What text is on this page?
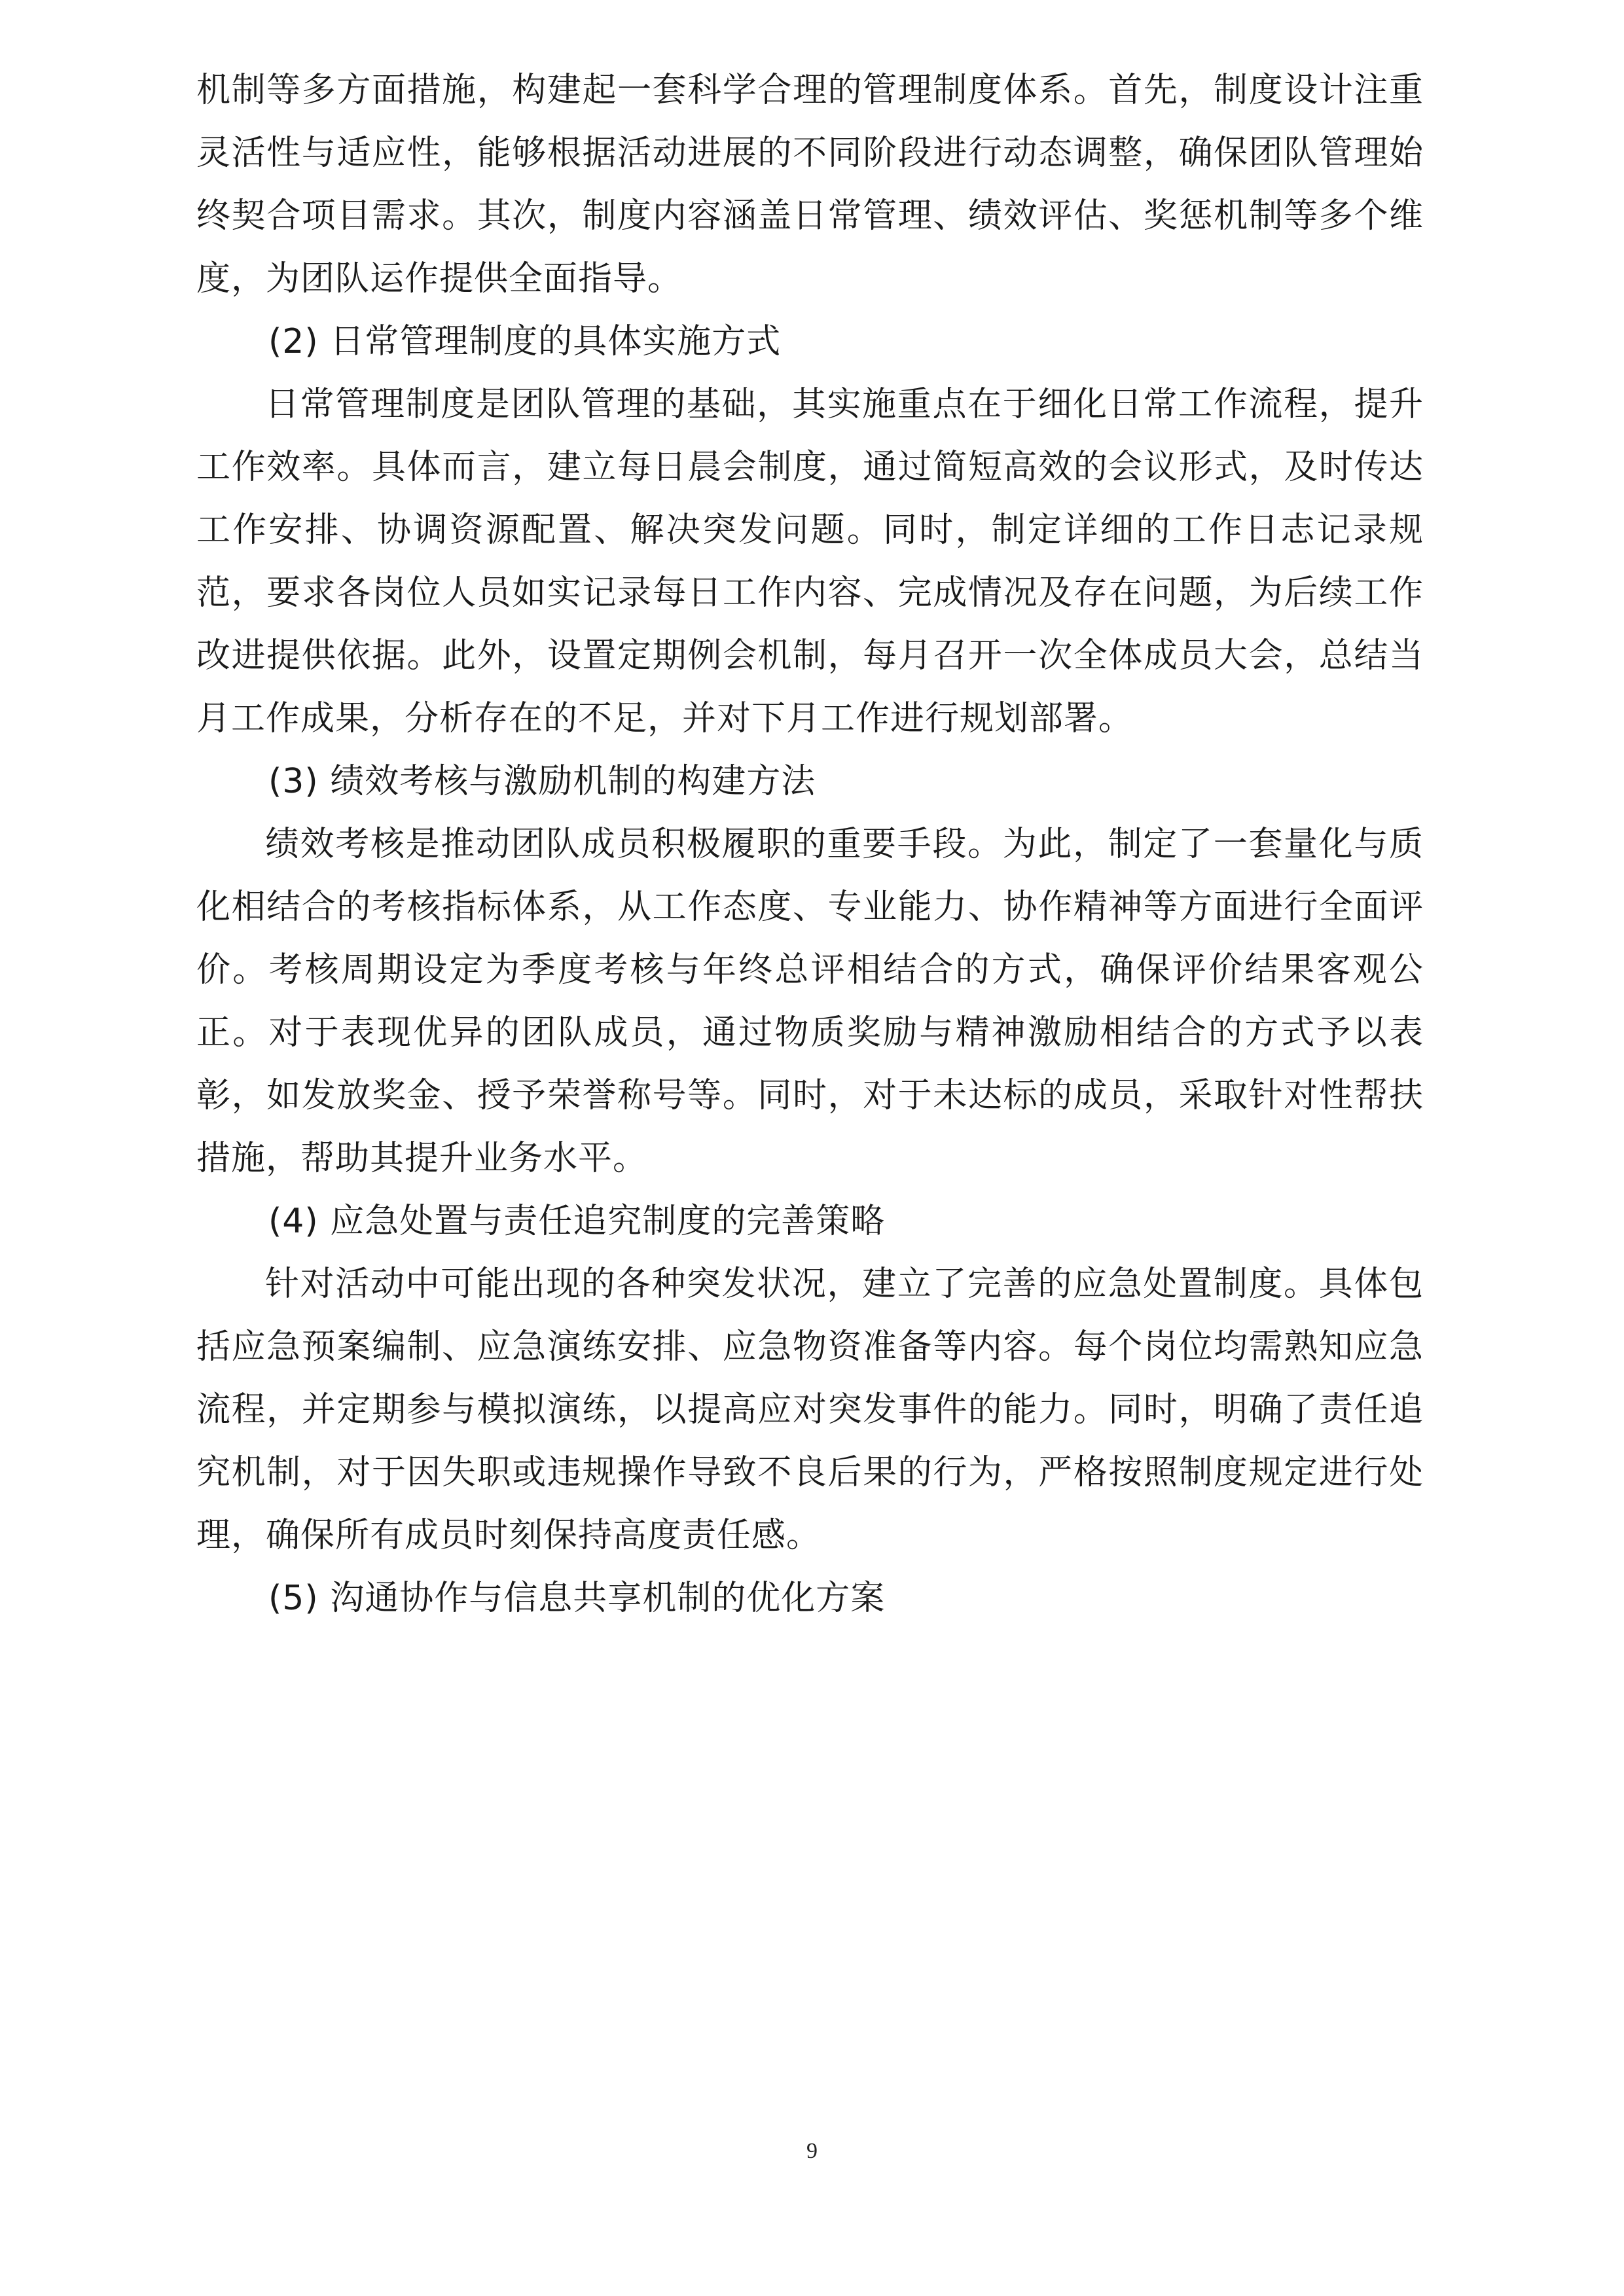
机制等多方面措施，构建起一套科学合理的管理制度体系。首先，制度设计注重灵活性与适应性，能够根据活动进展的不同阶段进行动态调整，确保团队管理始终契合项目需求。其次，制度内容涵盖日常管理、绩效评估、奖惩机制等多个维度，为团队运作提供全面指导。

(2) 日常管理制度的具体实施方式

日常管理制度是团队管理的基础，其实施重点在于细化日常工作流程，提升工作效率。具体而言，建立每日晨会制度，通过简短高效的会议形式，及时传达工作安排、协调资源配置、解决突发问题。同时，制定详细的工作日志记录规范，要求各岗位人员如实记录每日工作内容、完成情况及存在问题，为后续工作改进提供依据。此外，设置定期例会机制，每月召开一次全体成员大会，总结当月工作成果，分析存在的不足，并对下月工作进行规划部署。

(3) 绩效考核与激励机制的构建方法

绩效考核是推动团队成员积极履职的重要手段。为此，制定了一套量化与质化相结合的考核指标体系，从工作态度、专业能力、协作精神等方面进行全面评价。考核周期设定为季度考核与年终总评相结合的方式，确保评价结果客观公正。对于表现优异的团队成员，通过物质奖励与精神激励相结合的方式予以表彰，如发放奖金、授予荣誉称号等。同时，对于未达标的成员，采取针对性帮扶措施，帮助其提升业务水平。

(4) 应急处置与责任追究制度的完善策略

针对活动中可能出现的各种突发状况，建立了完善的应急处置制度。具体包括应急预案编制、应急演练安排、应急物资准备等内容。每个岗位均需熟知应急流程，并定期参与模拟演练，以提高应对突发事件的能力。同时，明确了责任追究机制，对于因失职或违规操作导致不良后果的行为，严格按照制度规定进行处理，确保所有成员时刻保持高度责任感。

(5) 沟通协作与信息共享机制的优化方案

9
